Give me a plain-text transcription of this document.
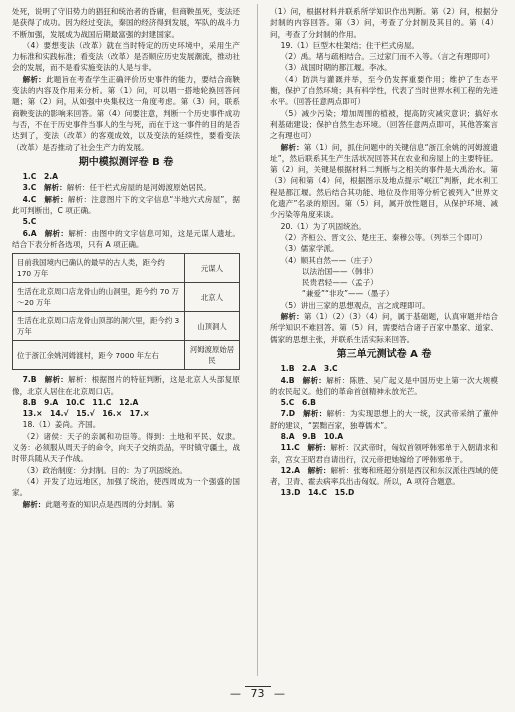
处死，说明了守旧势力的猖狂和统治者的昏庸，但商鞅虽死，变法还是获得了成功。因为经过变法，秦国的经济得到发展，军队的战斗力不断加强，发展成为战国后期最富强的封建国家。

（4）要想变法（改革）就在当时特定的历史环境中，采用生产力标准和实践标准；看变法（改革）是否顺应历史发展潮流，推动社会的发展，而不是看实施变法的人是与非。

解析：此题旨在考查学生正确评价历史事件的能力，要结合商鞅变法的内容及作用来分析。第（1）问，可以唱一搭地轮换回答问题；第（2）问，从如强中央集权这一角度考虑。第（3）问，联系商鞅变法的影响来回答。第（4）问要注意，判断一个历史事件成功与否，不在于历史事件当事人的生与死，而在于这一事件的目的是否达到了，变法（改革）的客观成效，以及变法的延续性，要看变法（改革）是否推动了社会生产力的发展。

期中模拟测评卷 B 卷

1.C　2.A

3.C　解析：解析：任干栏式房屋的是河姆渡原始居民。

4.C　解析：解析：注意图片下的文字信息“半地穴式房屋”，据此可判断出，C 项正确。

5.C

6.A　解析：解析：由图中的文字信息可知，这是元谋人遗址。结合下表分析各选项，只有 A 项正确。

目前我国境内已确认的最早的古人类，距今约 170 万年	元谋人
生活在北京周口店龙骨山的山洞里，距今约 70 万～20 万年	北京人
生活在北京周口店龙骨山顶部的洞穴里，距今约 3 万年	山顶洞人
位于浙江余姚河姆渡村，距今 7000 年左右	河姆渡原始居民

7.B　解析：解析：根据图片的特征判断，这是北京人头部复原像，北京人居住在北京周口店。

8.B　9.A　10.C　11.C　12.A

13.×　14.√　15.√　16.×　17.×

18.（1）姜尚。齐国。

（2）诸侯：天子的亲属和功臣等。得到：土地和平民、奴隶。义务：必须服从周天子的命令，向天子交纳贡品，平时镇守疆土，战时带兵随从天子作战。

（3）政治制度：分封制。目的：为了巩固统治。

（4）开发了边远地区，加强了统治，使西周成为一个强盛的国家。

解析：此题考查的知识点是西周的分封制。第

（1）问，根据材料并联系所学知识作出判断。第（2）问，根据分封制的内容回答。第（3）问，考查了分封制及其目的。第（4）问，考查了分封制的作用。

19.（1）巨型木柱架结；住干栏式房屋。

（2）禹。堵与疏相结合。三过家门而不入等。（言之有理即可）

（3）战国时期的都江堰。李冰。

（4）防洪与灌溉并举，至今仍发挥重要作用；维护了生态平衡，保护了自然环境；具有科学性，代表了当时世界水利工程的先进水平。（回答任意两点即可）

（5）减少污染；增加周围的植被，提高防灾减灾意识；搞好水利基础建设；保护自然生态环境。（回答任意两点即可，其他答案言之有理也可）

解析：第（1）问，抓住问题中的关键信息“浙江余姚的河姆渡遗址”，然后联系其生产生活状况回答其在农业和房屋上的主要特征。第（2）问，关键是根据材料二判断与之相关的事件是大禹治水。第（3）问和第（4）问，根据图示及地点提示“岷江”判断，此水利工程是都江堰。然后结合其功能、地位及作用等分析它被列入“世界文化遗产”名录的原因。第（5）问，属开放性题目，从保护环境、减少污染等角度来谈。

20.（1）为了巩固统治。

（2）齐桓公、晋文公、楚庄王、秦穆公等。（列举三个即可）

（3）儒家学派。

（4）顺其自然——（庄子）

以法治国——（韩非）

民贵君轻——（孟子）

“兼爱”“非攻”——（墨子）

（5）讲出三家的思想观点，言之成理即可。

解析：第（1）（2）（3）（4）问，属于基础题，认真审题并结合所学知识不难回答。第（5）问，需要结合诸子百家中墨家、道家、儒家的思想主张，并联系生活实际来回答。

第三单元测试卷 A 卷

1.B　2.A　3.C

4.B　解析：解析：陈胜、吴广起义是中国历史上第一次大规模的农民起义。他们的革命首创精神永放光芒。

5.C　6.B

7.D　解析：解析：为实现思想上的大一统，汉武帝采纳了董仲舒的建议，“罢黜百家，独尊儒术”。

8.A　9.B　10.A

11.C　解析：解析：汉武帝时，匈奴首领呼韩邪单于入朝请求和亲，宫女王昭君自请出行，汉元帝把她嫁给了呼韩邪单于。

12.A　解析：解析：张骞和班超分别是西汉和东汉派往西域的使者，卫青、霍去病率兵出击匈奴。所以，A 项符合题意。

13.D　14.C　15.D

— 73 —
